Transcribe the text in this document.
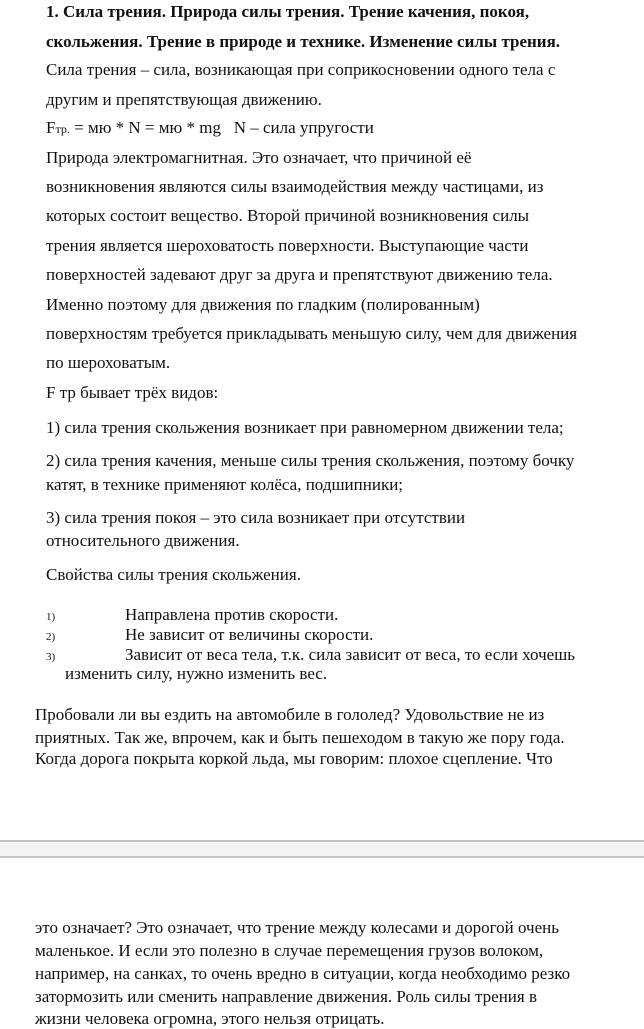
1. Сила трения. Природа силы трения. Трение качения, покоя,
скольжения. Трение в природе и технике. Изменение силы трения.
Сила трения – сила, возникающая при соприкосновении одного тела с
другим и препятствующая движению.
Fтр. = мю * N = мю * mg   N – сила упругости
Природа электромагнитная. Это означает, что причиной её
возникновения являются силы взаимодействия между частицами, из
которых состоит вещество. Второй причиной возникновения силы
трения является шероховатость поверхности. Выступающие части
поверхностей задевают друг за друга и препятствуют движению тела.
Именно поэтому для движения по гладким (полированным)
поверхностям требуется прикладывать меньшую силу, чем для движения
по шероховатым.
F тр бывает трёх видов:
1) сила трения скольжения возникает при равномерном движении тела;
2) сила трения качения, меньше силы трения скольжения, поэтому бочку
катят, в технике применяют колёса, подшипники;
3) сила трения покоя – это сила возникает при отсутствии
относительного движения.
Свойства силы трения скольжения.
1)	Направлена против скорости.
2)	Не зависит от величины скорости.
3)	Зависит от веса тела, т.к. сила зависит от веса, то если хочешь
изменить силу, нужно изменить вес.
Пробовали ли вы ездить на автомобиле в гололед? Удовольствие не из
приятных. Так же, впрочем, как и быть пешеходом в такую же пору года.
Когда дорога покрыта коркой льда, мы говорим: плохое сцепление. Что
это означает? Это означает, что трение между колесами и дорогой очень
маленькое. И если это полезно в случае перемещения грузов волоком,
например, на санках, то очень вредно в ситуации, когда необходимо резко
затормозить или сменить направление движения. Роль силы трения в
жизни человека огромна, этого нельзя отрицать.
